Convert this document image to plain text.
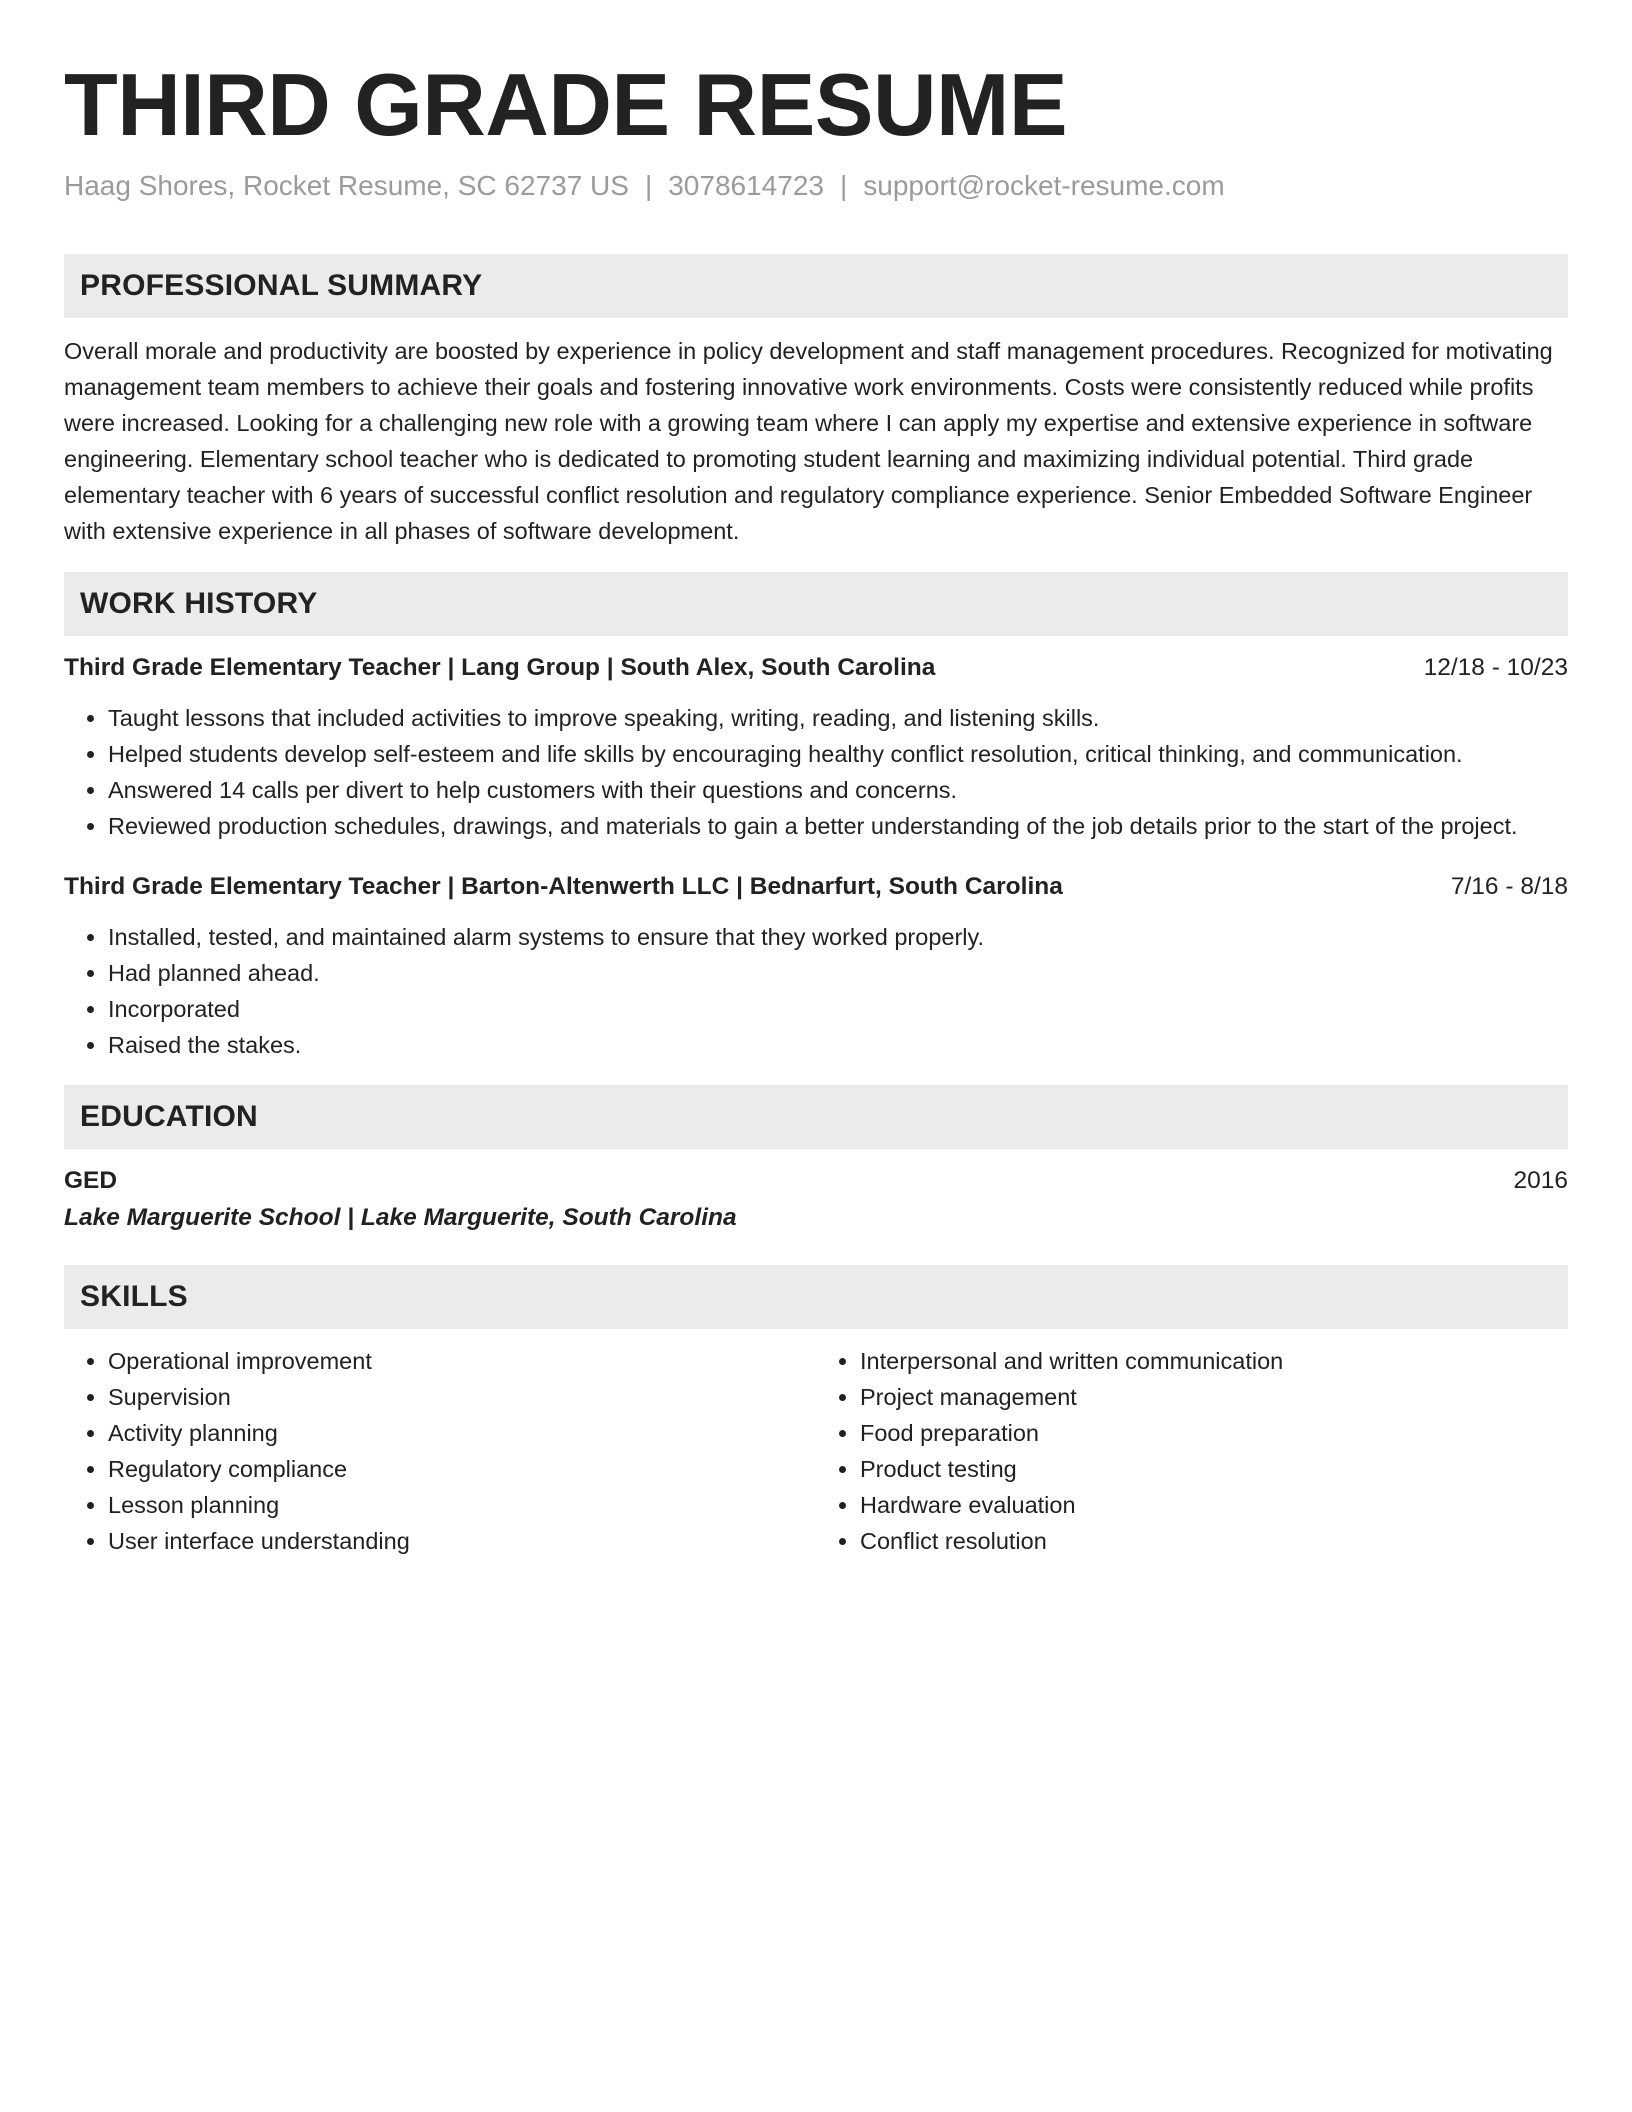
THIRD GRADE RESUME
Haag Shores, Rocket Resume, SC 62737 US | 3078614723 | support@rocket-resume.com
PROFESSIONAL SUMMARY

Overall morale and productivity are boosted by experience in policy development and staff management procedures. Recognized for motivating management team members to achieve their goals and fostering innovative work environments. Costs were consistently reduced while profits were increased. Looking for a challenging new role with a growing team where I can apply my expertise and extensive experience in software engineering. Elementary school teacher who is dedicated to promoting student learning and maximizing individual potential. Third grade elementary teacher with 6 years of successful conflict resolution and regulatory compliance experience. Senior Embedded Software Engineer with extensive experience in all phases of software development.

WORK HISTORY
Third Grade Elementary Teacher | Lang Group | South Alex, South Carolina	12/18 - 10/23
• Taught lessons that included activities to improve speaking, writing, reading, and listening skills.
• Helped students develop self-esteem and life skills by encouraging healthy conflict resolution, critical thinking, and communication.
• Answered 14 calls per divert to help customers with their questions and concerns.
• Reviewed production schedules, drawings, and materials to gain a better understanding of the job details prior to the start of the project.
Third Grade Elementary Teacher | Barton-Altenwerth LLC | Bednarfurt, South Carolina	7/16 - 8/18
• Installed, tested, and maintained alarm systems to ensure that they worked properly.
• Had planned ahead.
• Incorporated
• Raised the stakes.
EDUCATION
GED	2016
Lake Marguerite School | Lake Marguerite, South Carolina
SKILLS
• Operational improvement
• Supervision
• Activity planning
• Regulatory compliance
• Lesson planning
• User interface understanding
• Interpersonal and written communication
• Project management
• Food preparation
• Product testing
• Hardware evaluation
• Conflict resolution
